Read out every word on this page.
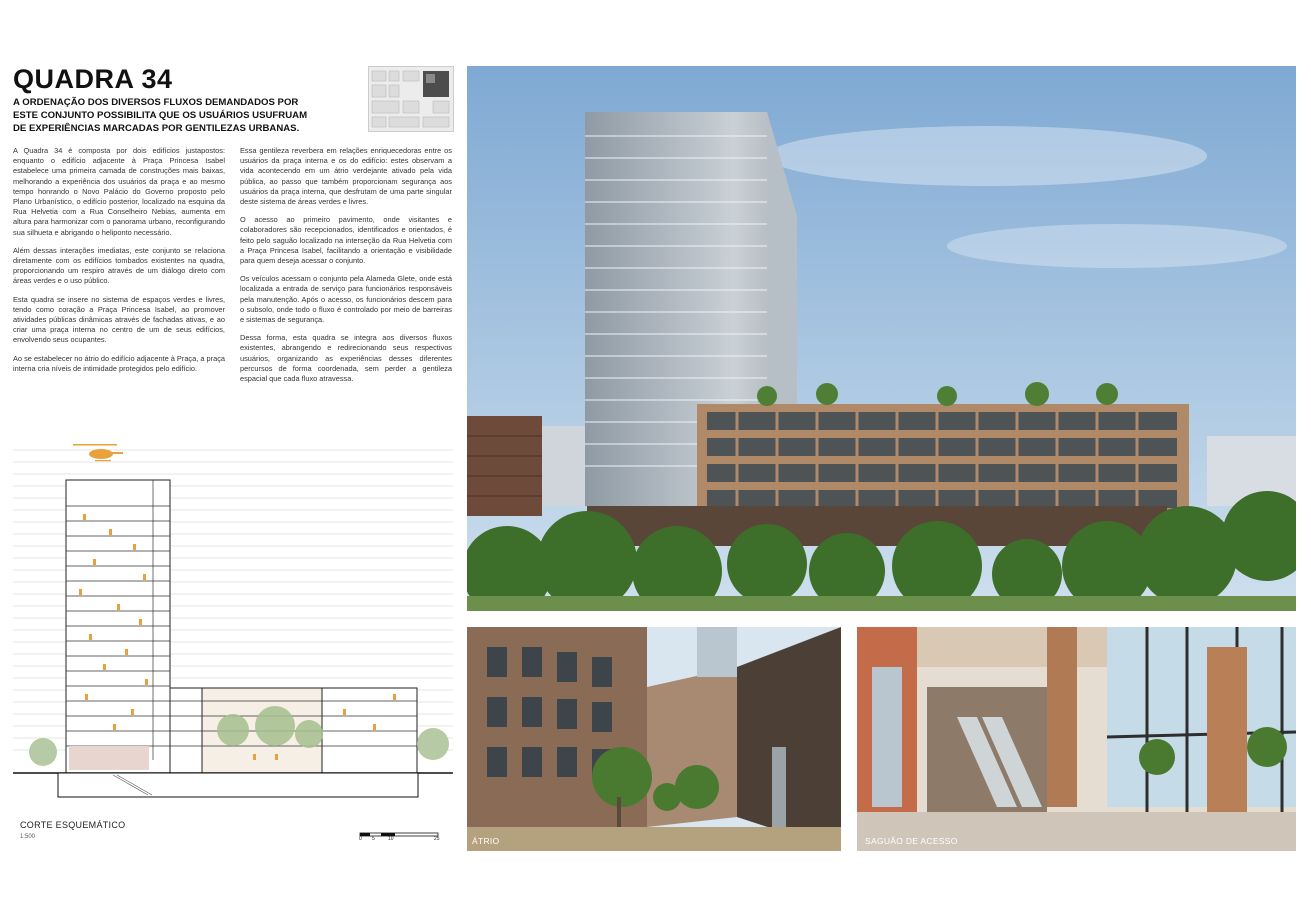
QUADRA 34

A ORDENAÇÃO DOS DIVERSOS FLUXOS DEMANDADOS POR ESTE CONJUNTO POSSIBILITA QUE OS USUÁRIOS USUFRUAM DE EXPERIÊNCIAS MARCADAS POR GENTILEZAS URBANAS.

A Quadra 34 é composta por dois edifícios justapostos: enquanto o edifício adjacente à Praça Princesa Isabel estabelece uma primeira camada de construções mais baixas, melhorando a experiência dos usuários da praça e ao mesmo tempo honrando o Novo Palácio do Governo proposto pelo Plano Urbanístico, o edifício posterior, localizado na esquina da Rua Helvetia com a Rua Conselheiro Nebias, aumenta em altura para harmonizar com o panorama urbano, reconfigurando sua silhueta e abrigando o heliponto necessário.

Além dessas interações imediatas, este conjunto se relaciona diretamente com os edifícios tombados existentes na quadra, proporcionando um respiro através de um diálogo direto com áreas verdes e o uso público.

Esta quadra se insere no sistema de espaços verdes e livres, tendo como coração a Praça Princesa Isabel, ao promover atividades públicas dinâmicas através de fachadas ativas, e ao criar uma praça interna no centro de um de seus edifícios, envolvendo seus ocupantes.

Ao se estabelecer no átrio do edifício adjacente à Praça, a praça interna cria níveis de intimidade protegidos pelo edifício.

Essa gentileza reverbera em relações enriquecedoras entre os usuários da praça interna e os do edifício: estes observam a vida acontecendo em um átrio verdejante ativado pela vida pública, ao passo que também proporcionam segurança aos usuários da praça interna, que desfrutam de uma parte singular deste sistema de áreas verdes e livres.

O acesso ao primeiro pavimento, onde visitantes e colaboradores são recepcionados, identificados e orientados, é feito pelo saguão localizado na interseção da Rua Helvetia com a Praça Princesa Isabel, facilitando a orientação e visibilidade para quem deseja acessar o conjunto.

Os veículos acessam o conjunto pela Alameda Glete, onde está localizada a entrada de serviço para funcionários responsáveis pela manutenção. Após o acesso, os funcionários descem para o subsolo, onde todo o fluxo é controlado por meio de barreiras e sistemas de segurança.

Dessa forma, esta quadra se integra aos diversos fluxos existentes, abrangendo e redirecionando seus respectivos usuários, organizando as experiências desses diferentes percursos de forma coordenada, sem perder a gentileza espacial que cada fluxo atravessa.

CORTE ESQUEMÁTICO
1:500	0 5	10	25	ÁTRIO	SAGUÃO DE ACESSO
